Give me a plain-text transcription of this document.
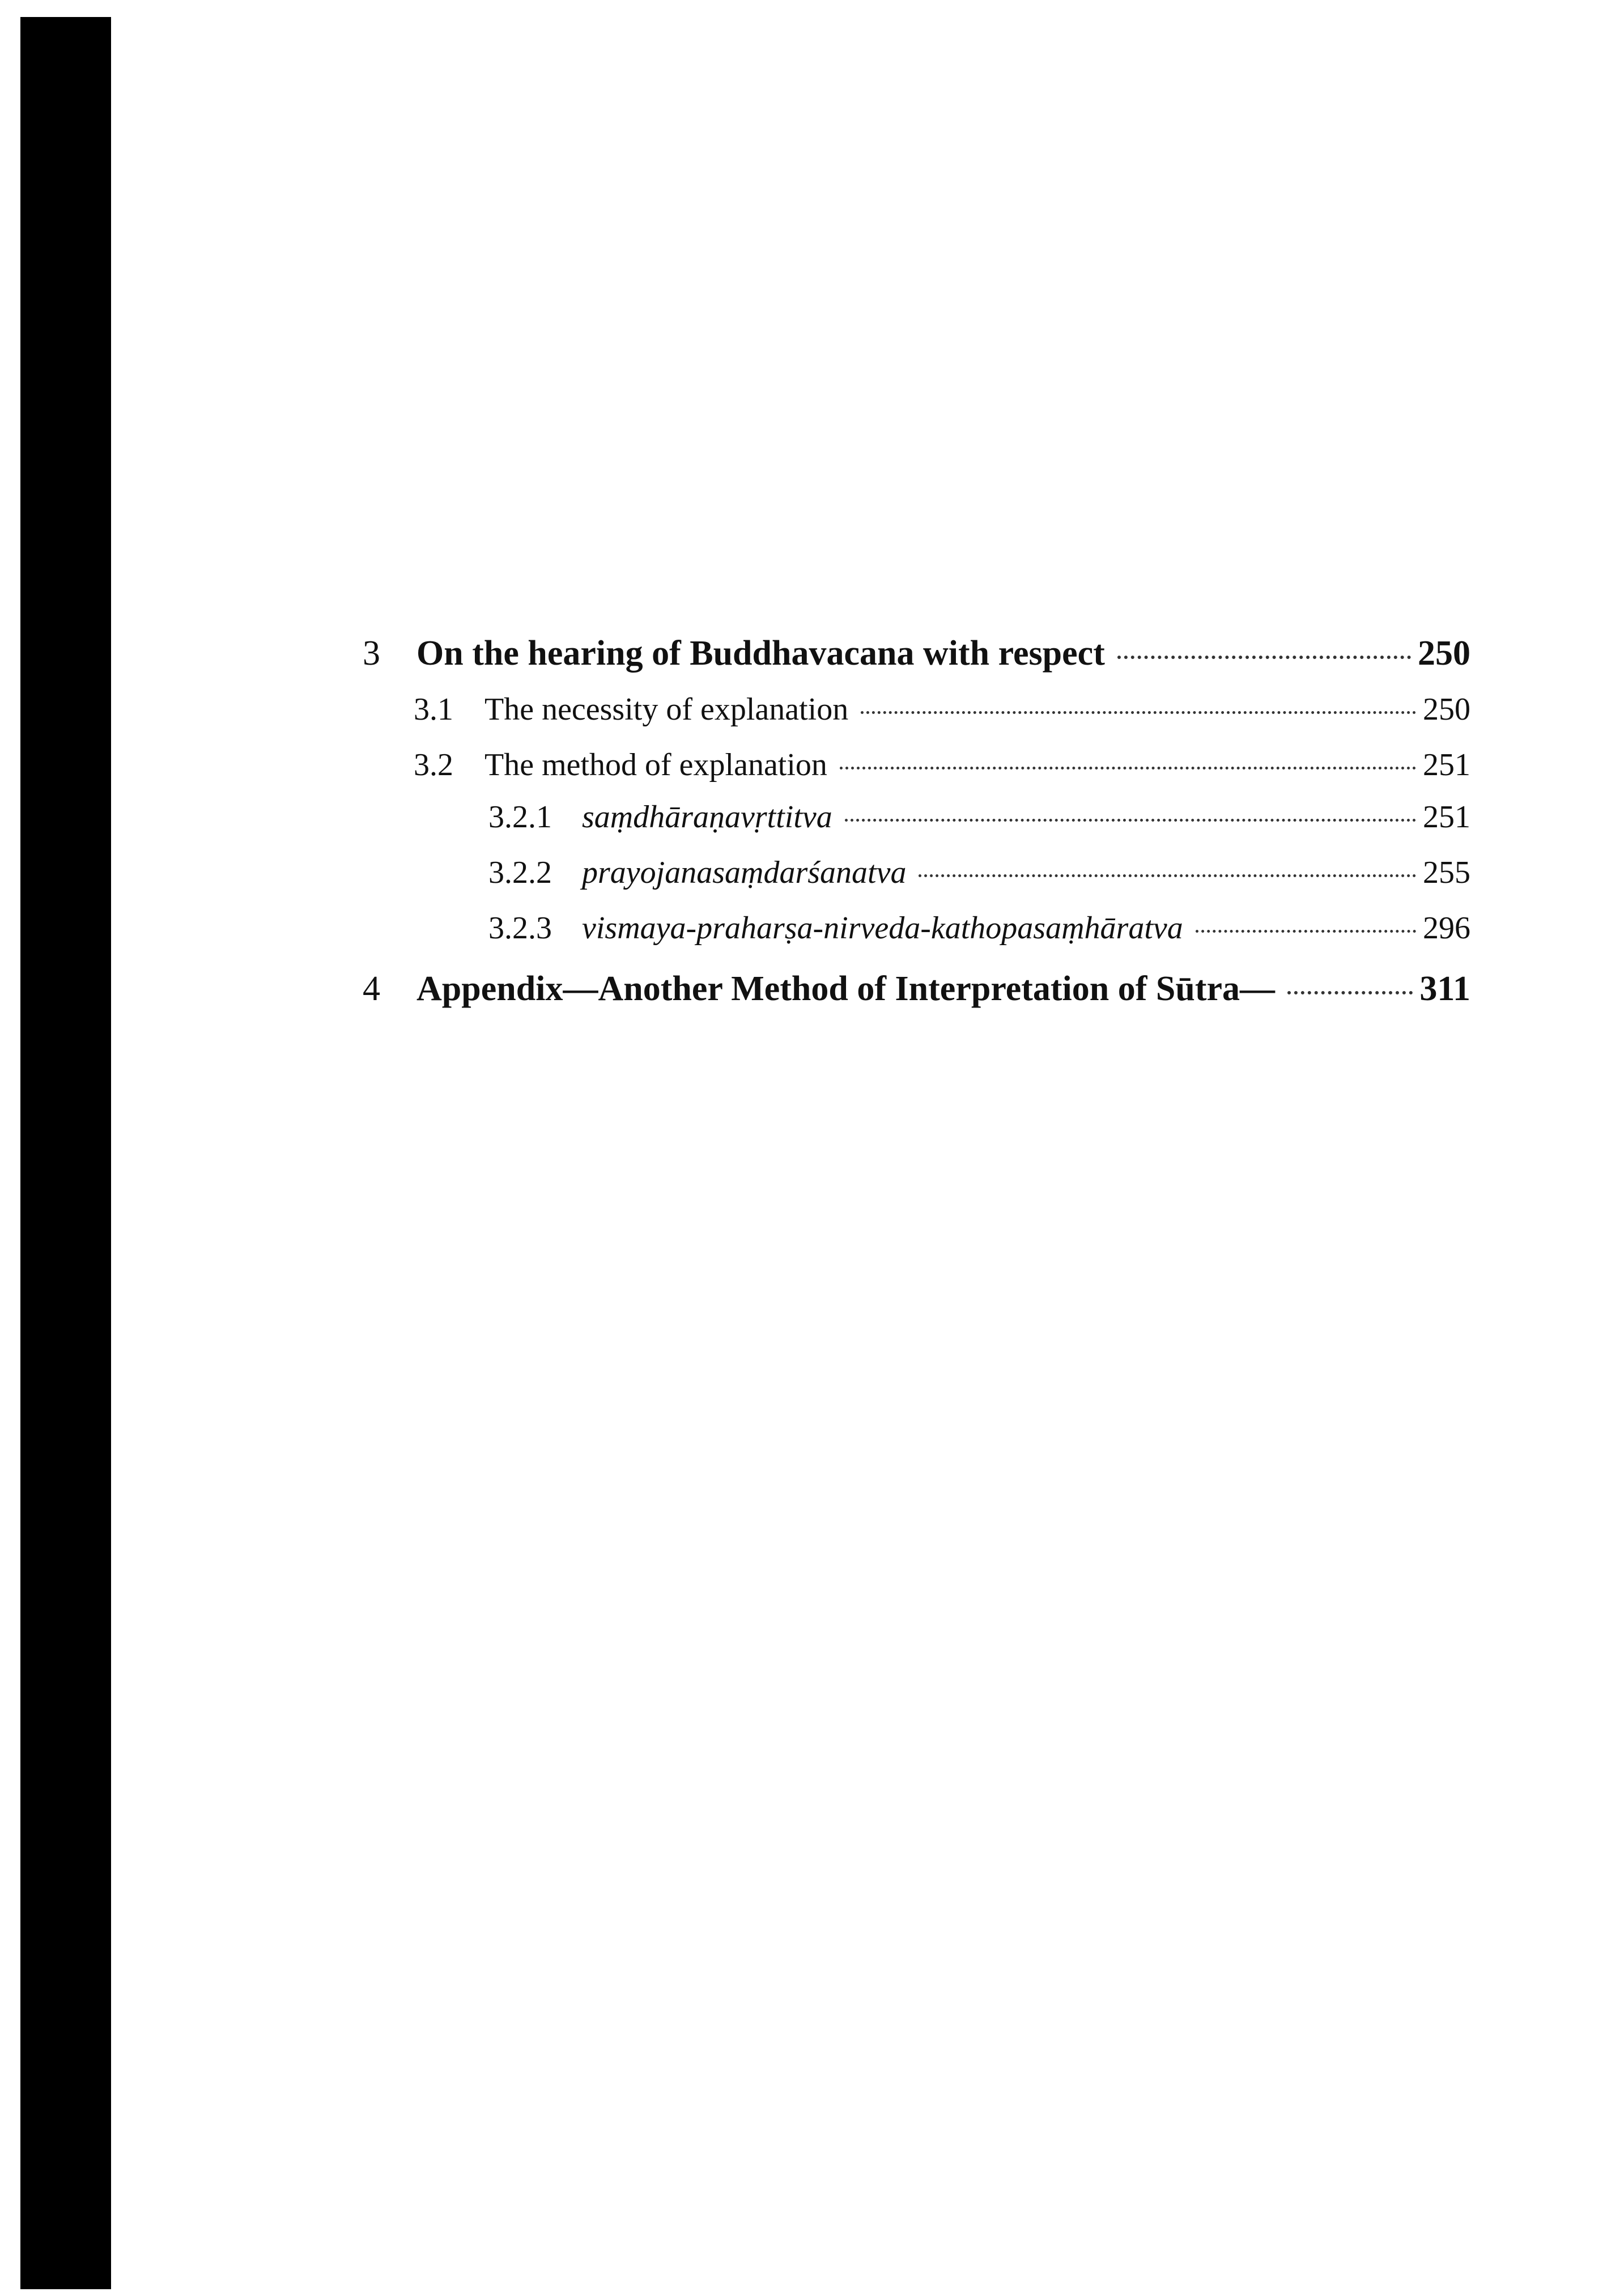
3	On the hearing of Buddhavacana with respect	250
3.1 The necessity of explanation	250
3.2 The method of explanation	251
3.2.1 saṃdhāraṇavṛttitva	251
3.2.2 prayojanasaṃdarśanatva	255
3.2.3 vismaya-praharṣa-nirveda-kathopasaṃhāratva	296
4	Appendix—Another Method of Interpretation of Sūtra—	311
